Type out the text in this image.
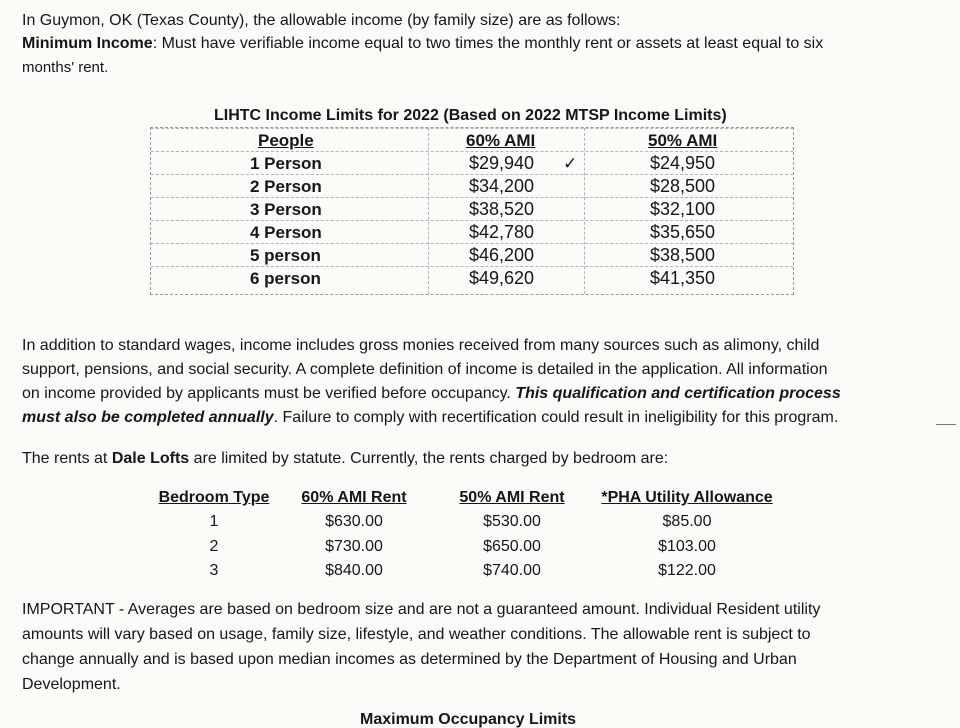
In Guymon, OK (Texas County), the allowable income (by family size) are as follows:
Minimum Income: Must have verifiable income equal to two times the monthly rent or assets at least equal to six
months' rent.
LIHTC Income Limits for 2022 (Based on 2022 MTSP Income Limits)
People	60% AMI	50% AMI
1 Person	$29,940 ✓	$24,950
2 Person	$34,200	$28,500
3 Person	$38,520	$32,100
4 Person	$42,780	$35,650
5 person	$46,200	$38,500
6 person	$49,620	$41,350
In addition to standard wages, income includes gross monies received from many sources such as alimony, child
support, pensions, and social security. A complete definition of income is detailed in the application. All information
on income provided by applicants must be verified before occupancy. This qualification and certification process
must also be completed annually. Failure to comply with recertification could result in ineligibility for this program.
The rents at Dale Lofts are limited by statute. Currently, the rents charged by bedroom are:
Bedroom Type	60% AMI Rent	50% AMI Rent	*PHA Utility Allowance
1	$630.00	$530.00	$85.00
2	$730.00	$650.00	$103.00
3	$840.00	$740.00	$122.00
IMPORTANT - Averages are based on bedroom size and are not a guaranteed amount. Individual Resident utility
amounts will vary based on usage, family size, lifestyle, and weather conditions. The allowable rent is subject to
change annually and is based upon median incomes as determined by the Department of Housing and Urban
Development.
Maximum Occupancy Limits
